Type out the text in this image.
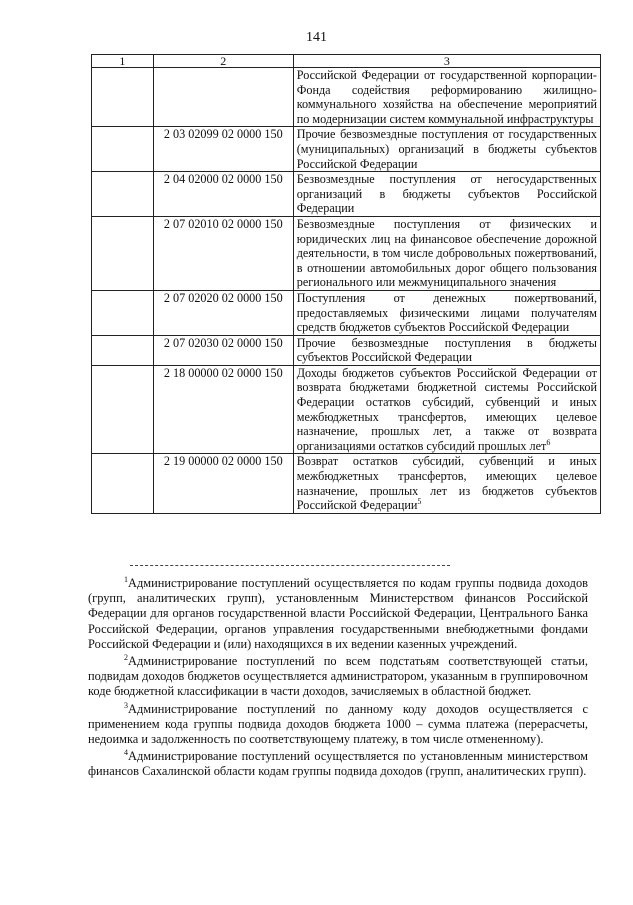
141
1	2	3
		Российской Федерации от государственной корпорации-Фонда содействия реформированию жилищно-коммунального хозяйства на обеспечение мероприятий по модернизации систем коммунальной инфраструктуры
	2 03 02099 02 0000 150	Прочие безвозмездные поступления от государственных (муниципальных) организаций в бюджеты субъектов Российской Федерации
	2 04 02000 02 0000 150	Безвозмездные поступления от негосударственных организаций в бюджеты субъектов Российской Федерации
	2 07 02010 02 0000 150	Безвозмездные поступления от физических и юридических лиц на финансовое обеспечение дорожной деятельности, в том числе добровольных пожертвований, в отношении автомобильных дорог общего пользования регионального или межмуниципального значения
	2 07 02020 02 0000 150	Поступления от денежных пожертвований, предоставляемых физическими лицами получателям средств бюджетов субъектов Российской Федерации
	2 07 02030 02 0000 150	Прочие безвозмездные поступления в бюджеты субъектов Российской Федерации
	2 18 00000 02 0000 150	Доходы бюджетов субъектов Российской Федерации от возврата бюджетами бюджетной системы Российской Федерации остатков субсидий, субвенций и иных межбюджетных трансфертов, имеющих целевое назначение, прошлых лет, а также от возврата организациями остатков субсидий прошлых лет$^6$
	2 19 00000 02 0000 150	Возврат остатков субсидий, субвенций и иных межбюджетных трансфертов, имеющих целевое назначение, прошлых лет из бюджетов субъектов Российской Федерации$^5$

$^1$Администрирование поступлений осуществляется по кодам группы подвида доходов (групп, аналитических групп), установленным Министерством финансов Российской Федерации для органов государственной власти Российской Федерации, Центрального Банка Российской Федерации, органов управления государственными внебюджетными фондами Российской Федерации и (или) находящихся в их ведении казенных учреждений.

$^2$Администрирование поступлений по всем подстатьям соответствующей статьи, подвидам доходов бюджетов осуществляется администратором, указанным в группировочном коде бюджетной классификации в части доходов, зачисляемых в областной бюджет.

$^3$Администрирование поступлений по данному коду доходов осуществляется с применением кода группы подвида доходов бюджета 1000 – сумма платежа (перерасчеты, недоимка и задолженность по соответствующему платежу, в том числе отмененному).

$^4$Администрирование поступлений осуществляется по установленным министерством финансов Сахалинской области кодам группы подвида доходов (групп, аналитических групп).
